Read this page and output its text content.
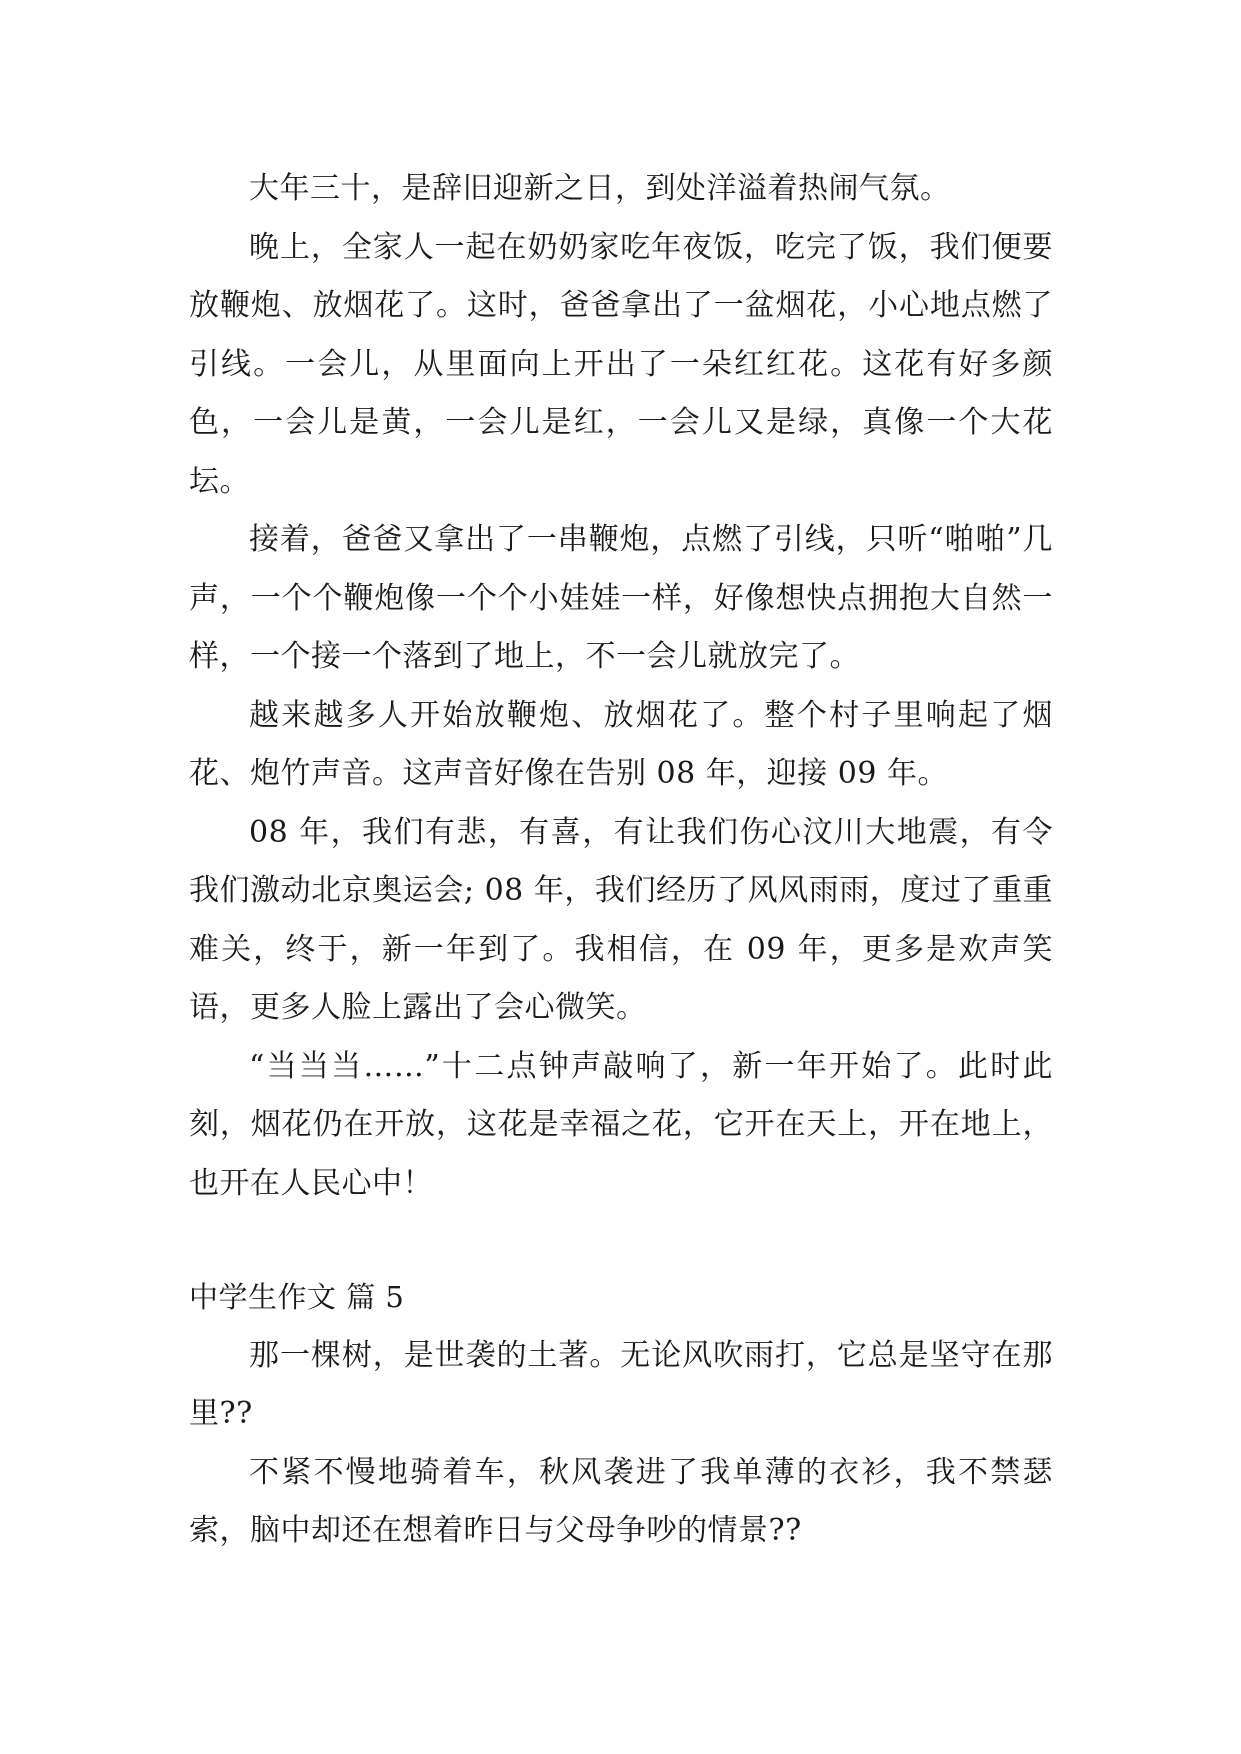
大年三十，是辞旧迎新之日，到处洋溢着热闹气氛。

晚上，全家人一起在奶奶家吃年夜饭，吃完了饭，我们便要放鞭炮、放烟花了。这时，爸爸拿出了一盆烟花，小心地点燃了引线。一会儿，从里面向上开出了一朵红红花。这花有好多颜色，一会儿是黄，一会儿是红，一会儿又是绿，真像一个大花坛。

接着，爸爸又拿出了一串鞭炮，点燃了引线，只听“啪啪”几声，一个个鞭炮像一个个小娃娃一样，好像想快点拥抱大自然一样，一个接一个落到了地上，不一会儿就放完了。

越来越多人开始放鞭炮、放烟花了。整个村子里响起了烟花、炮竹声音。这声音好像在告别 08 年，迎接 09 年。

08 年，我们有悲，有喜，有让我们伤心汶川大地震，有令我们激动北京奥运会; 08 年，我们经历了风风雨雨，度过了重重难关，终于，新一年到了。我相信，在 09 年，更多是欢声笑语，更多人脸上露出了会心微笑。

“当当当……”十二点钟声敲响了，新一年开始了。此时此刻，烟花仍在开放，这花是幸福之花，它开在天上，开在地上，也开在人民心中！

中学生作文 篇 5

那一棵树，是世袭的土著。无论风吹雨打，它总是坚守在那里??

不紧不慢地骑着车，秋风袭进了我单薄的衣衫，我不禁瑟索，脑中却还在想着昨日与父母争吵的情景??
